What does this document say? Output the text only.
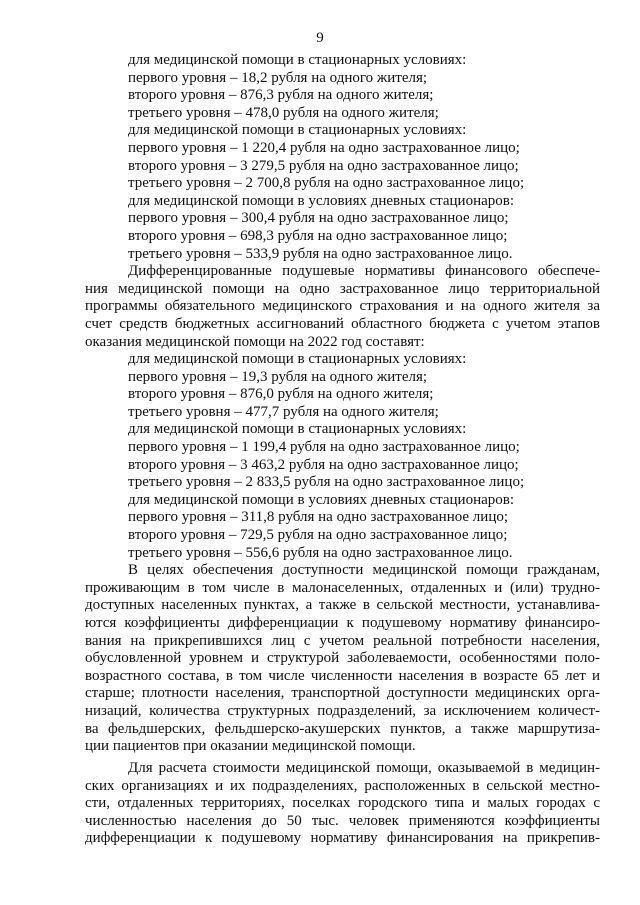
9
для медицинской помощи в стационарных условиях:
первого уровня – 18,2 рубля на одного жителя;
второго уровня – 876,3 рубля на одного жителя;
третьего уровня – 478,0 рубля на одного жителя;
для медицинской помощи в стационарных условиях:
первого уровня – 1 220,4 рубля на одно застрахованное лицо;
второго уровня – 3 279,5 рубля на одно застрахованное лицо;
третьего уровня – 2 700,8 рубля на одно застрахованное лицо;
для медицинской помощи в условиях дневных стационаров:
первого уровня – 300,4 рубля на одно застрахованное лицо;
второго уровня – 698,3 рубля на одно застрахованное лицо;
третьего уровня – 533,9 рубля на одно застрахованное лицо.
Дифференцированные подушевые нормативы финансового обеспече-
ния медицинской помощи на одно застрахованное лицо территориальной
программы обязательного медицинского страхования и на одного жителя за
счет средств бюджетных ассигнований областного бюджета с учетом этапов
оказания медицинской помощи на 2022 год составят:
для медицинской помощи в стационарных условиях:
первого уровня – 19,3 рубля на одного жителя;
второго уровня – 876,0 рубля на одного жителя;
третьего уровня – 477,7 рубля на одного жителя;
для медицинской помощи в стационарных условиях:
первого уровня – 1 199,4 рубля на одно застрахованное лицо;
второго уровня – 3 463,2 рубля на одно застрахованное лицо;
третьего уровня – 2 833,5 рубля на одно застрахованное лицо;
для медицинской помощи в условиях дневных стационаров:
первого уровня – 311,8 рубля на одно застрахованное лицо;
второго уровня – 729,5 рубля на одно застрахованное лицо;
третьего уровня – 556,6 рубля на одно застрахованное лицо.
В целях обеспечения доступности медицинской помощи гражданам,
проживающим в том числе в малонаселенных, отдаленных и (или) трудно-
доступных населенных пунктах, а также в сельской местности, устанавлива-
ются коэффициенты дифференциации к подушевому нормативу финансиро-
вания на прикрепившихся лиц с учетом реальной потребности населения,
обусловленной уровнем и структурой заболеваемости, особенностями поло-
возрастного состава, в том числе численности населения в возрасте 65 лет и
старше; плотности населения, транспортной доступности медицинских орга-
низаций, количества структурных подразделений, за исключением количест-
ва фельдшерских, фельдшерско-акушерских пунктов, а также маршрутиза-
ции пациентов при оказании медицинской помощи.
Для расчета стоимости медицинской помощи, оказываемой в медицин-
ских организациях и их подразделениях, расположенных в сельской местно-
сти, отдаленных территориях, поселках городского типа и малых городах с
численностью населения до 50 тыс. человек применяются коэффициенты
дифференциации к подушевому нормативу финансирования на прикрепив-
